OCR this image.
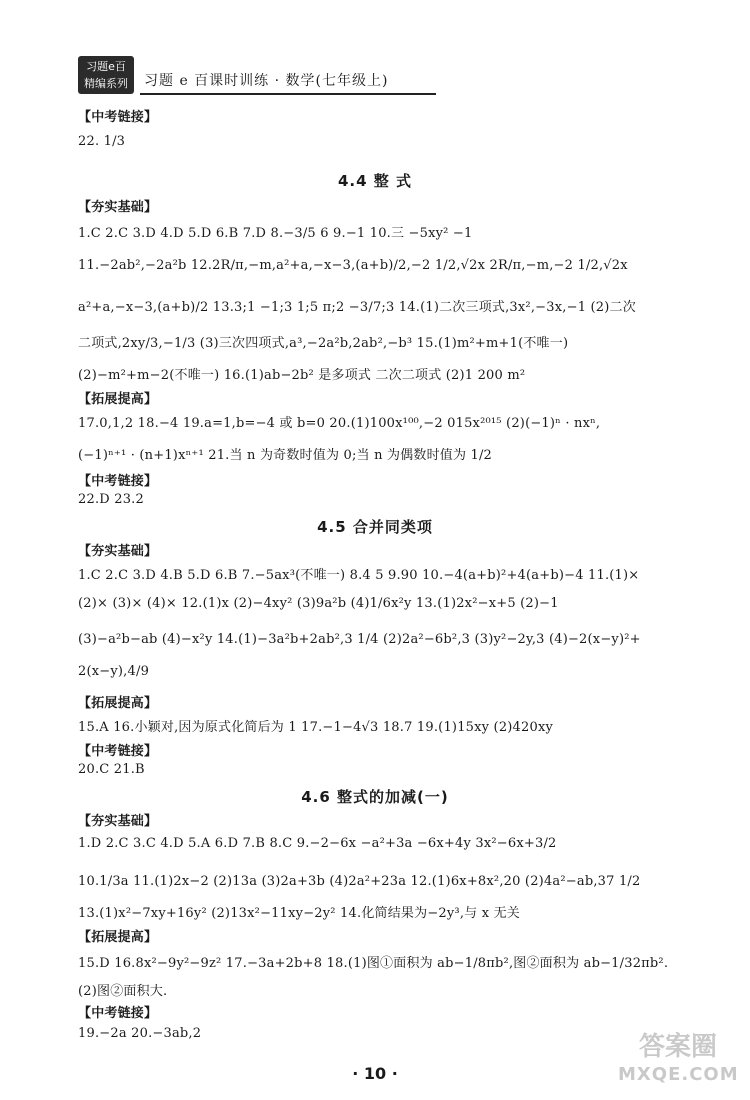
习题e百
精编系列	习题 e 百课时训练 · 数学(七年级上)
【中考链接】
22. 1/3
4.4 整 式
【夯实基础】
1.C 2.C 3.D 4.D 5.D 6.B 7.D 8.−3/5 6 9.−1 10.三 −5xy² −1
11.−2ab²,−2a²b 12.2R/π,−m,a²+a,−x−3,(a+b)/2,−2 1/2,√2x 2R/π,−m,−2 1/2,√2x
a²+a,−x−3,(a+b)/2 13.3;1 −1;3 1;5 π;2 −3/7;3 14.(1)二次三项式,3x²,−3x,−1 (2)二次
二项式,2xy/3,−1/3 (3)三次四项式,a³,−2a²b,2ab²,−b³ 15.(1)m²+m+1(不唯一)
(2)−m²+m−2(不唯一) 16.(1)ab−2b² 是多项式 二次二项式 (2)1 200 m²
【拓展提高】
17.0,1,2 18.−4 19.a=1,b=−4 或 b=0 20.(1)100x¹⁰⁰,−2 015x²⁰¹⁵ (2)(−1)ⁿ · nxⁿ,
(−1)ⁿ⁺¹ · (n+1)xⁿ⁺¹ 21.当 n 为奇数时值为 0;当 n 为偶数时值为 1/2
【中考链接】
22.D 23.2
4.5 合并同类项
【夯实基础】
1.C 2.C 3.D 4.B 5.D 6.B 7.−5ax³(不唯一) 8.4 5 9.90 10.−4(a+b)²+4(a+b)−4 11.(1)×
(2)× (3)× (4)× 12.(1)x (2)−4xy² (3)9a²b (4)1/6x²y 13.(1)2x²−x+5 (2)−1
(3)−a²b−ab (4)−x²y 14.(1)−3a²b+2ab²,3 1/4 (2)2a²−6b²,3 (3)y²−2y,3 (4)−2(x−y)²+
2(x−y),4/9
【拓展提高】
15.A 16.小颖对,因为原式化简后为 1 17.−1−4√3 18.7 19.(1)15xy (2)420xy
【中考链接】
20.C 21.B
4.6 整式的加减(一)
【夯实基础】
1.D 2.C 3.C 4.D 5.A 6.D 7.B 8.C 9.−2−6x −a²+3a −6x+4y 3x²−6x+3/2
10.1/3a 11.(1)2x−2 (2)13a (3)2a+3b (4)2a²+23a 12.(1)6x+8x²,20 (2)4a²−ab,37 1/2
13.(1)x²−7xy+16y² (2)13x²−11xy−2y² 14.化简结果为−2y³,与 x 无关
【拓展提高】
15.D 16.8x²−9y²−9z² 17.−3a+2b+8 18.(1)图①面积为 ab−1/8πb²,图②面积为 ab−1/32πb².
(2)图②面积大.
【中考链接】
19.−2a 20.−3ab,2
· 10 ·
答案圈
MXQE.COM
